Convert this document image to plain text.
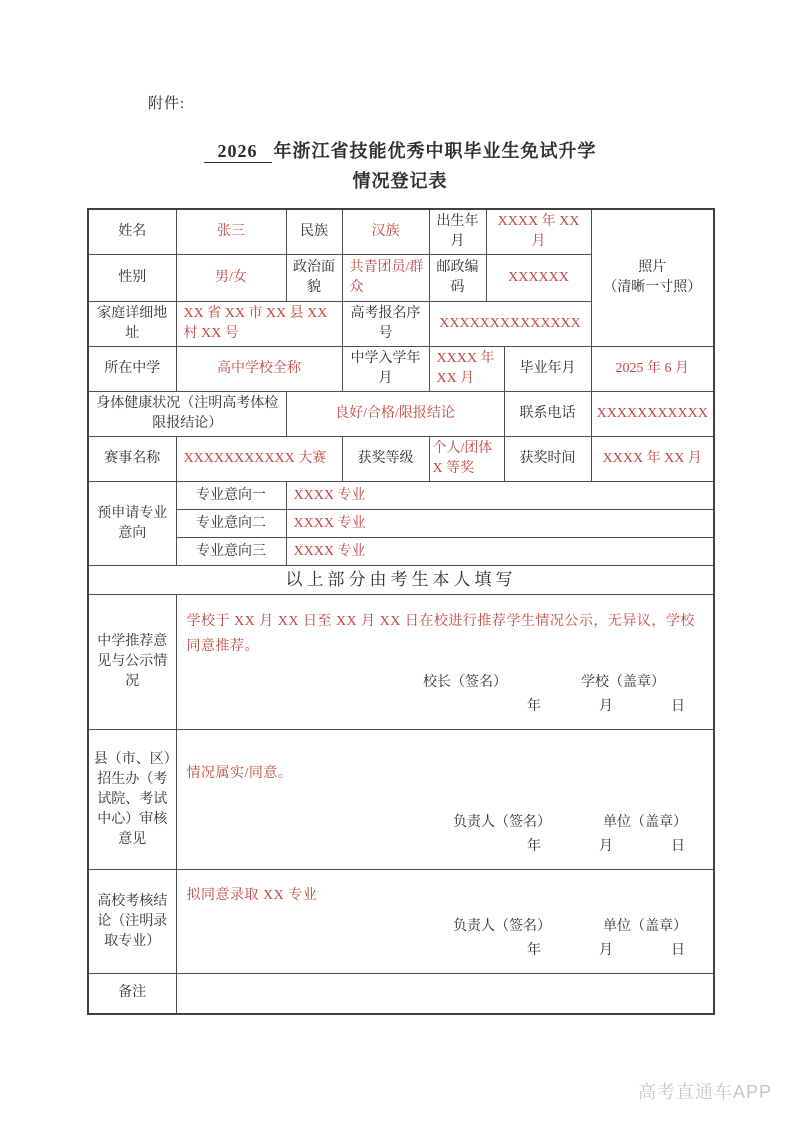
附件:
2026 年浙江省技能优秀中职毕业生免试升学
情况登记表
姓名	张三	民族	汉族	出生年月	XXXX 年 XX 月		照片
（清晰一寸照）

性别	男/女	政治面貌	共青团员/群众	邮政编码	XXXXXX		
家庭详细地址	XX 省 XX 市 XX 县 XX 村 XX 号		高考报名序号	XXXXXXXXXXXXXX			
所在中学	高中学校全称		中学入学年月	XXXX 年 XX 月		毕业年月	2025 年 6 月
身体健康状况（注明高考体检限报结论）		良好/合格/限报结论				联系电话	XXXXXXXXXXX
赛事名称	XXXXXXXXXXX 大赛		获奖等级	个人/团体 X 等奖		获奖时间	XXXX 年 XX 月
预申请专业意向	专业意向一	XXXX 专业					
	专业意向二	XXXX 专业					
	专业意向三	XXXX 专业					
以上部分由考生本人填写							
中学推荐意见与公示情况	
学校于 XX 月 XX 日至 XX 月 XX 日在校进行推荐学生情况公示，无异议，学校同意推荐。
校长（签名）	学校（盖章）
年	月	日

县（市、区）招生办（考试院、考试中心）审核意见	
情况属实/同意。
负责人（签名）	单位（盖章）
年	月	日

高校考核结论（注明录取专业）	
拟同意录取 XX 专业
负责人（签名）	单位（盖章）
年	月	日

备注							
高考直通车APP
